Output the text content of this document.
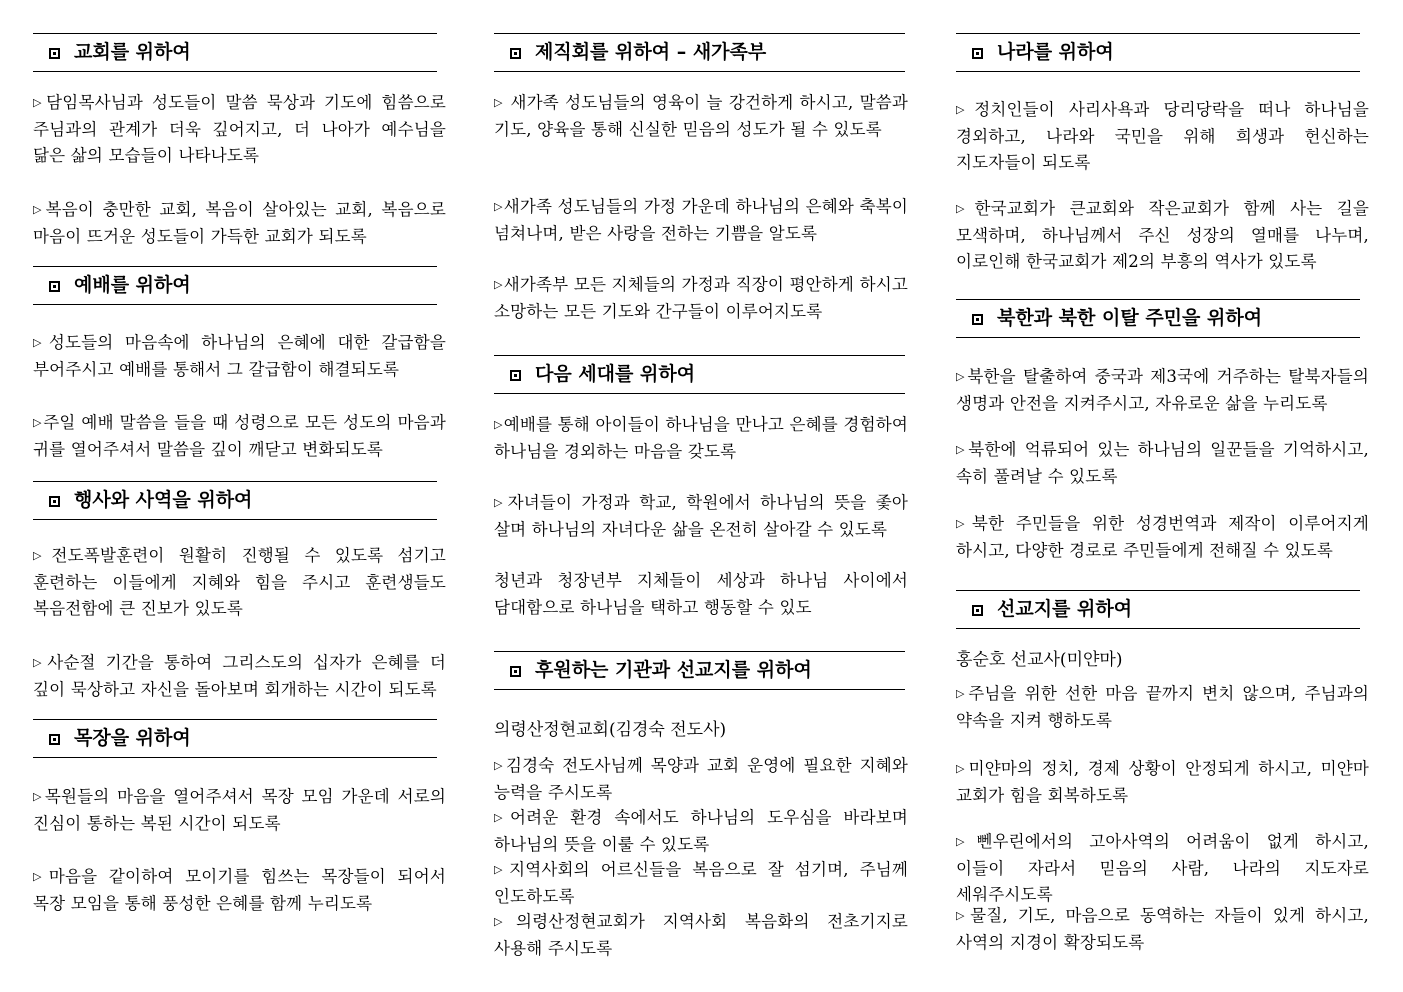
교회를 위하여
▷담임목사님과 성도들이 말씀 묵상과 기도에 힘씀으로 주님과의 관계가 더욱 깊어지고, 더 나아가 예수님을 닮은 삶의 모습들이 나타나도록
▷복음이 충만한 교회, 복음이 살아있는 교회, 복음으로 마음이 뜨거운 성도들이 가득한 교회가 되도록
예배를 위하여
▷성도들의 마음속에 하나님의 은혜에 대한 갈급함을 부어주시고 예배를 통해서 그 갈급함이 해결되도록
▷주일 예배 말씀을 들을 때 성령으로 모든 성도의 마음과 귀를 열어주셔서 말씀을 깊이 깨닫고 변화되도록
행사와 사역을 위하여
▷전도폭발훈련이 원활히 진행될 수 있도록 섬기고 훈련하는 이들에게 지혜와 힘을 주시고 훈련생들도 복음전함에 큰 진보가 있도록
▷사순절 기간을 통하여 그리스도의 십자가 은혜를 더 깊이 묵상하고 자신을 돌아보며 회개하는 시간이 되도록
목장을 위하여
▷목원들의 마음을 열어주셔서 목장 모임 가운데 서로의 진심이 통하는 복된 시간이 되도록
▷마음을 같이하여 모이기를 힘쓰는 목장들이 되어서 목장 모임을 통해 풍성한 은혜를 함께 누리도록
제직회를 위하여 – 새가족부
▷ 새가족 성도님들의 영육이 늘 강건하게 하시고, 말씀과 기도, 양육을 통해 신실한 믿음의 성도가 될 수 있도록
▷새가족 성도님들의 가정 가운데 하나님의 은혜와 축복이 넘쳐나며, 받은 사랑을 전하는 기쁨을 알도록
▷새가족부 모든 지체들의 가정과 직장이 평안하게 하시고 소망하는 모든 기도와 간구들이 이루어지도록
다음 세대를 위하여
▷예배를 통해 아이들이 하나님을 만나고 은혜를 경험하여 하나님을 경외하는 마음을 갖도록
▷자녀들이 가정과 학교, 학원에서 하나님의 뜻을 좇아 살며 하나님의 자녀다운 삶을 온전히 살아갈 수 있도록
청년과 청장년부 지체들이 세상과 하나님 사이에서 담대함으로 하나님을 택하고 행동할 수 있도
후원하는 기관과 선교지를 위하여
의령산정현교회(김경숙 전도사)
▷김경숙 전도사님께 목양과 교회 운영에 필요한 지혜와 능력을 주시도록
▷어려운 환경 속에서도 하나님의 도우심을 바라보며 하나님의 뜻을 이룰 수 있도록
▷지역사회의 어르신들을 복음으로 잘 섬기며, 주님께 인도하도록
▷의령산정현교회가 지역사회 복음화의 전초기지로 사용해 주시도록
나라를 위하여
▷정치인들이 사리사욕과 당리당락을 떠나 하나님을 경외하고, 나라와 국민을 위해 희생과 헌신하는 지도자들이 되도록
▷한국교회가 큰교회와 작은교회가 함께 사는 길을 모색하며, 하나님께서 주신 성장의 열매를 나누며, 이로인해 한국교회가 제2의 부흥의 역사가 있도록
북한과 북한 이탈 주민을 위하여
▷북한을 탈출하여 중국과 제3국에 거주하는 탈북자들의 생명과 안전을 지켜주시고, 자유로운 삶을 누리도록
▷북한에 억류되어 있는 하나님의 일꾼들을 기억하시고, 속히 풀려날 수 있도록
▷북한 주민들을 위한 성경번역과 제작이 이루어지게 하시고, 다양한 경로로 주민들에게 전해질 수 있도록
선교지를 위하여
홍순호 선교사(미얀마)
▷주님을 위한 선한 마음 끝까지 변치 않으며, 주님과의 약속을 지켜 행하도록
▷미얀마의 정치, 경제 상황이 안정되게 하시고, 미얀마 교회가 힘을 회복하도록
▷뻰우린에서의 고아사역의 어려움이 없게 하시고, 이들이 자라서 믿음의 사람, 나라의 지도자로 세워주시도록
▷물질, 기도, 마음으로 동역하는 자들이 있게 하시고, 사역의 지경이 확장되도록
